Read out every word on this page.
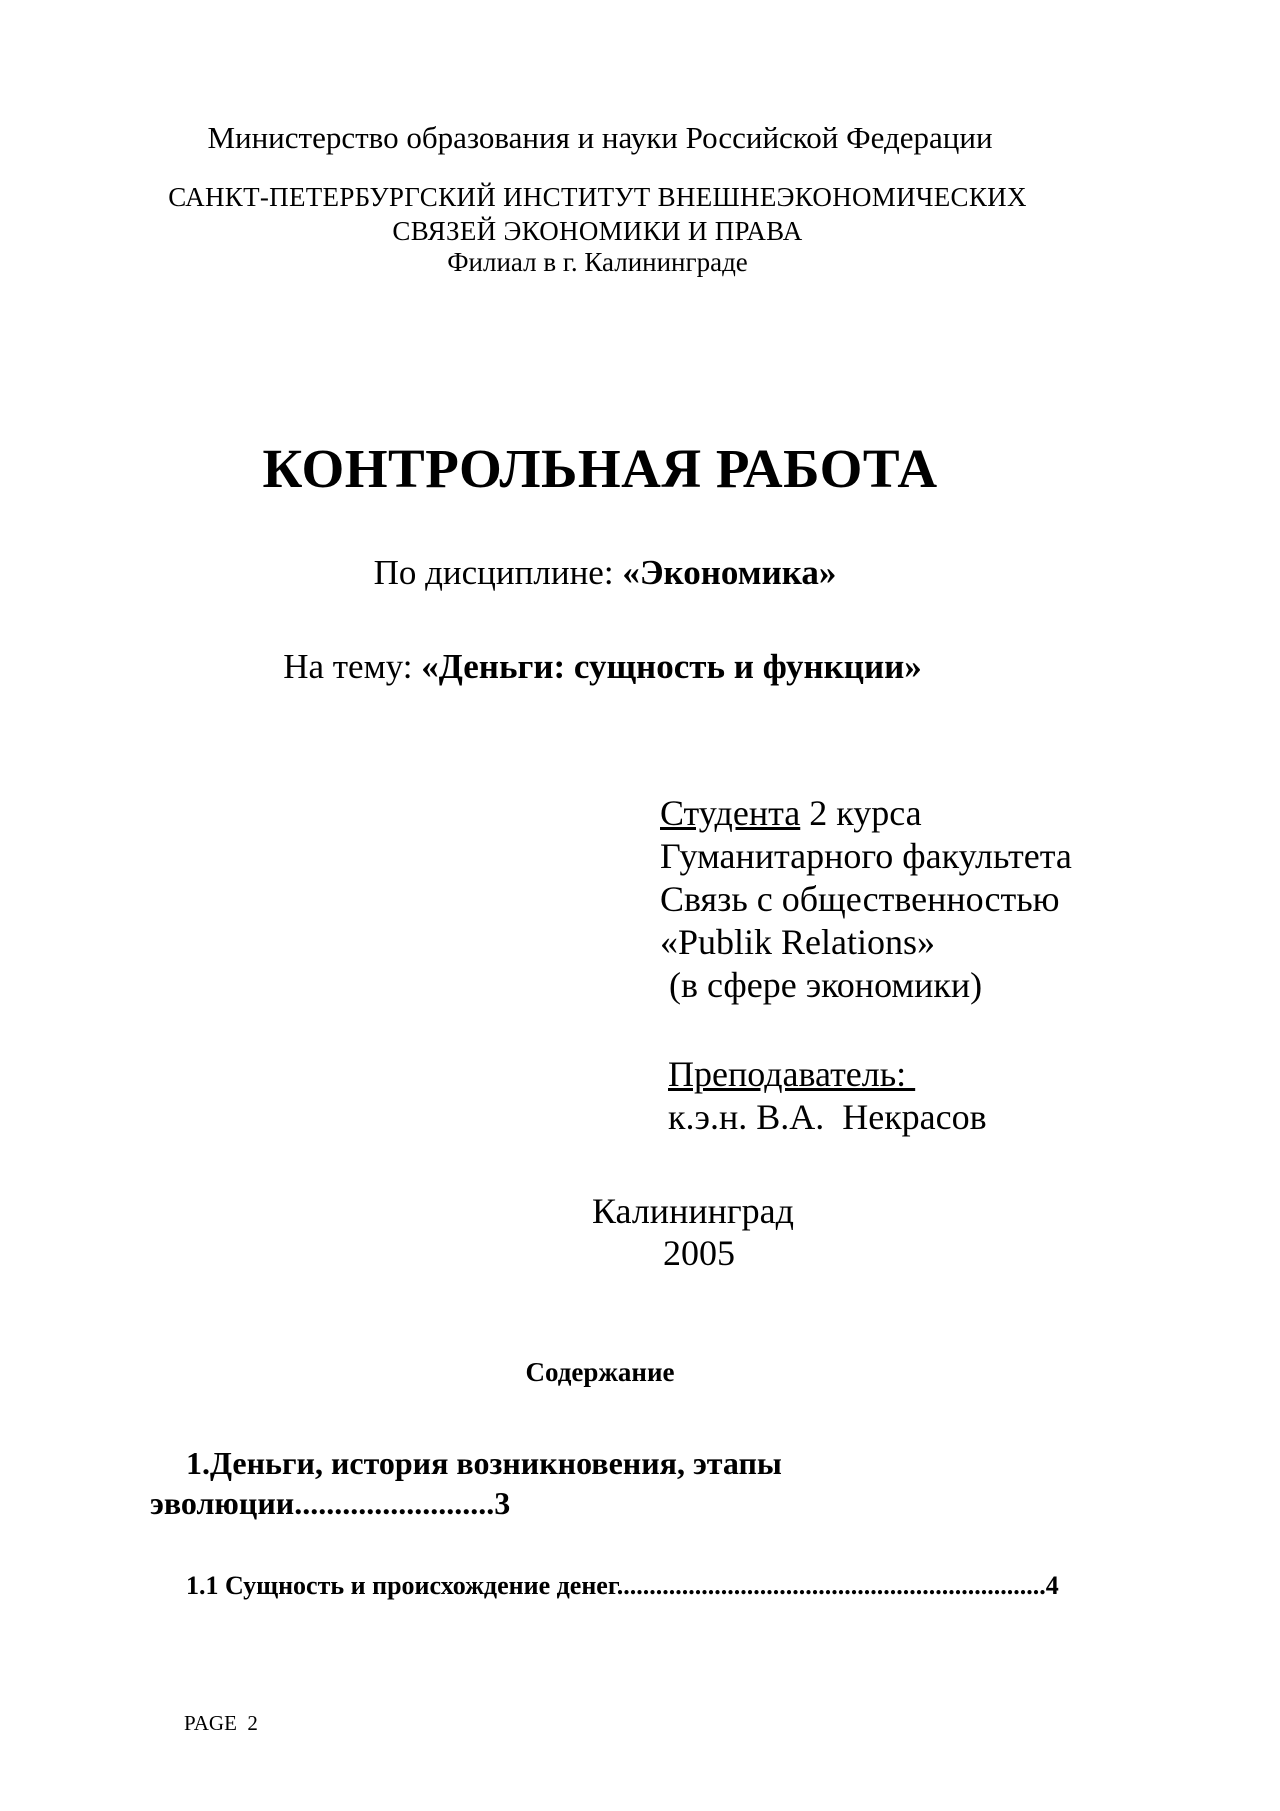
Министерство образования и науки Российской Федерации
САНКТ-ПЕТЕРБУРГСКИЙ ИНСТИТУТ ВНЕШНЕЭКОНОМИЧЕСКИХ
СВЯЗЕЙ ЭКОНОМИКИ И ПРАВА
Филиал в г. Калининграде
КОНТРОЛЬНАЯ РАБОТА
По дисциплине: «Экономика»
На тему: «Деньги: сущность и функции»
Студента 2 курса
Гуманитарного факультета
Связь с общественностью
«Publik Relations»
(в сфере экономики)
Преподаватель:
к.э.н. В.А.  Некрасов
Калининград
2005
Содержание
1.Деньги, история возникновения, этапы
эволюции.........................3
1.1 Сущность и происхождение денег..................................................................4
PAGE  2
